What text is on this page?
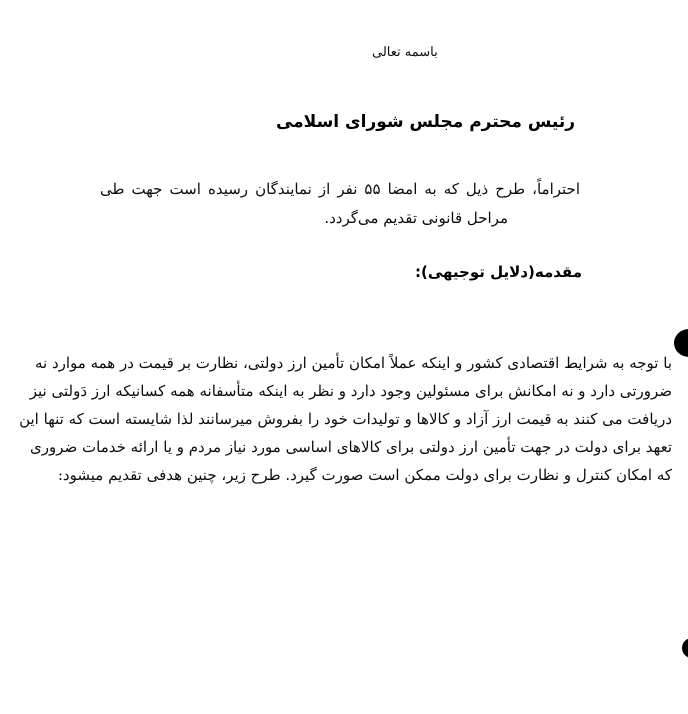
باسمه تعالی
رئیس محترم مجلس شورای اسلامی
احتراماً، طرح ذیل که به امضا ۵۵ نفر از نمایندگان رسیده است جهت طی
مراحل قانونی تقدیم می‌گردد.
مقدمه(دلایل توجیهی):
با توجه به شرایط اقتصادی کشور و اینکه عملاً امکان تأمین ارز دولتی، نظارت بر قیمت در همه موارد نه
ضرورتی دارد و نه امکانش برای مسئولین وجود دارد و نظر به اینکه متأسفانه همه کسانیکه ارز دَولتی نیز
دریافت می کنند به قیمت ارز آزاد و کالاها و تولیدات خود را بفروش میرسانند لذا شایسته است که تنها این
تعهد برای دولت در جهت تأمین ارز دولتی برای کالاهای اساسی مورد نیاز مردم و یا ارائه خدمات ضروری
که امکان کنترل و نظارت برای دولت ممکن است صورت گیرد. طرح زیر، چنین هدفی تقدیم میشود:
